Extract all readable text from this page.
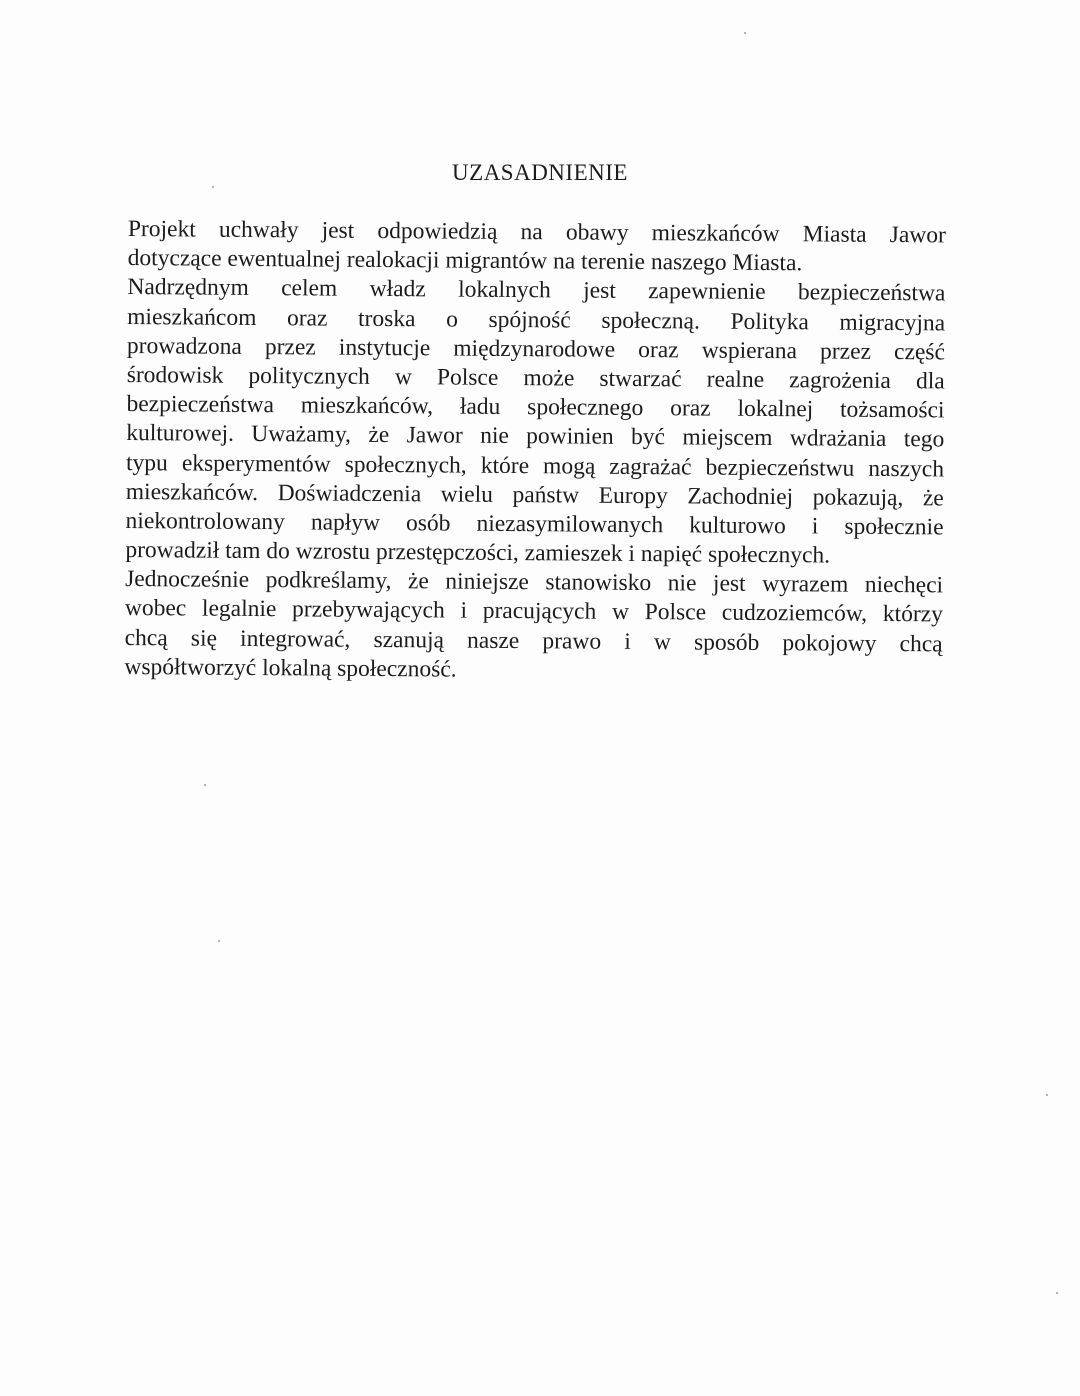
UZASADNIENIE
Projekt uchwały jest odpowiedzią na obawy mieszkańców Miasta Jawor
dotyczące ewentualnej realokacji migrantów na terenie naszego Miasta.
Nadrzędnym celem władz lokalnych jest zapewnienie bezpieczeństwa
mieszkańcom oraz troska o spójność społeczną. Polityka migracyjna
prowadzona przez instytucje międzynarodowe oraz wspierana przez część
środowisk politycznych w Polsce może stwarzać realne zagrożenia dla
bezpieczeństwa mieszkańców, ładu społecznego oraz lokalnej tożsamości
kulturowej. Uważamy, że Jawor nie powinien być miejscem wdrażania tego
typu eksperymentów społecznych, które mogą zagrażać bezpieczeństwu naszych
mieszkańców. Doświadczenia wielu państw Europy Zachodniej pokazują, że
niekontrolowany napływ osób niezasymilowanych kulturowo i społecznie
prowadził tam do wzrostu przestępczości, zamieszek i napięć społecznych.
Jednocześnie podkreślamy, że niniejsze stanowisko nie jest wyrazem niechęci
wobec legalnie przebywających i pracujących w Polsce cudzoziemców, którzy
chcą się integrować, szanują nasze prawo i w sposób pokojowy chcą
współtworzyć lokalną społeczność.
